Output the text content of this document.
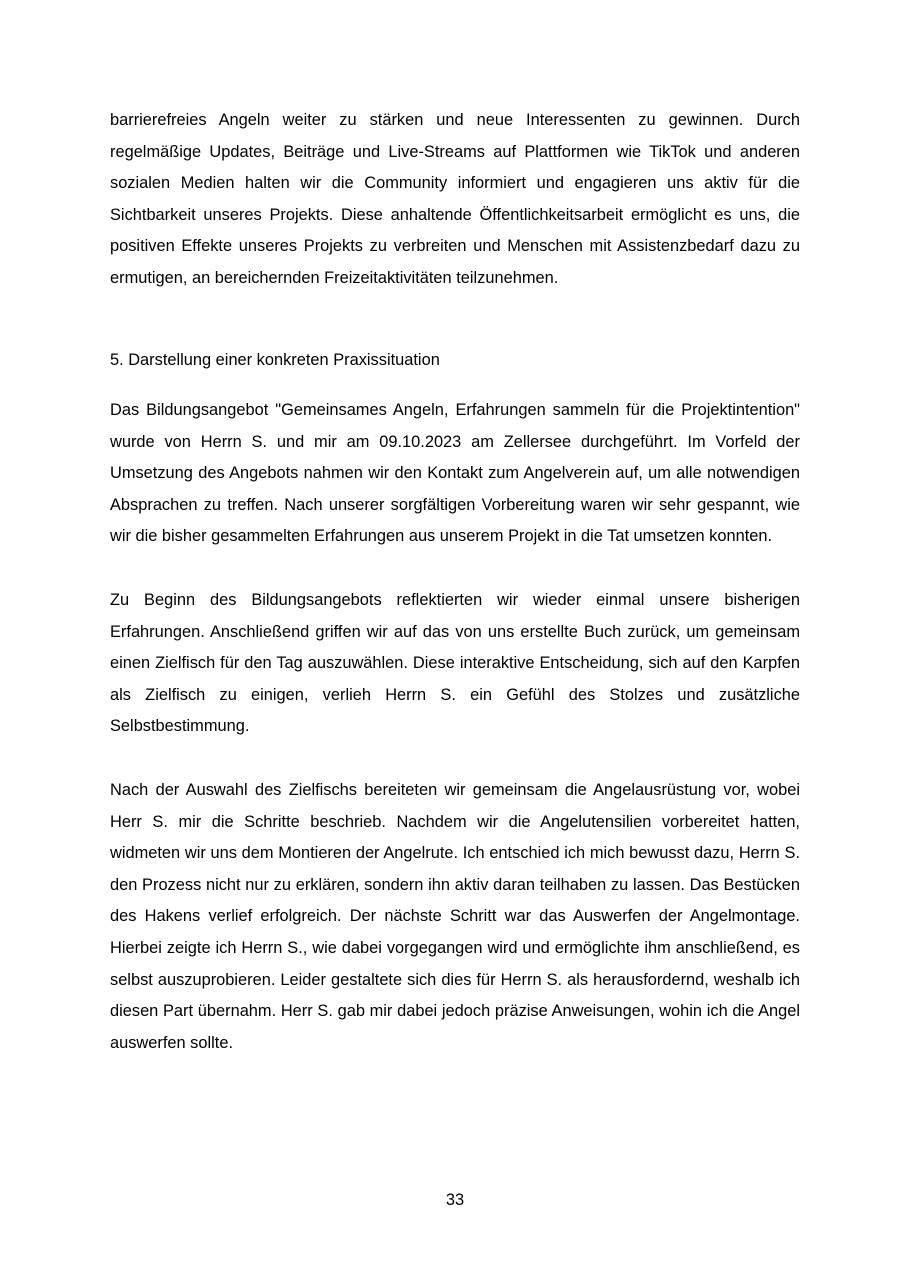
barrierefreies Angeln weiter zu stärken und neue Interessenten zu gewinnen. Durch regelmäßige Updates, Beiträge und Live-Streams auf Plattformen wie TikTok und anderen sozialen Medien halten wir die Community informiert und engagieren uns aktiv für die Sichtbarkeit unseres Projekts. Diese anhaltende Öffentlichkeitsarbeit ermöglicht es uns, die positiven Effekte unseres Projekts zu verbreiten und Menschen mit Assistenzbedarf dazu zu ermutigen, an bereichernden Freizeitaktivitäten teilzunehmen.

5. Darstellung einer konkreten Praxissituation

Das Bildungsangebot "Gemeinsames Angeln, Erfahrungen sammeln für die Projektintention" wurde von Herrn S. und mir am 09.10.2023 am Zellersee durchgeführt. Im Vorfeld der Umsetzung des Angebots nahmen wir den Kontakt zum Angelverein auf, um alle notwendigen Absprachen zu treffen. Nach unserer sorgfältigen Vorbereitung waren wir sehr gespannt, wie wir die bisher gesammelten Erfahrungen aus unserem Projekt in die Tat umsetzen konnten.

Zu Beginn des Bildungsangebots reflektierten wir wieder einmal unsere bisherigen Erfahrungen. Anschließend griffen wir auf das von uns erstellte Buch zurück, um gemeinsam einen Zielfisch für den Tag auszuwählen. Diese interaktive Entscheidung, sich auf den Karpfen als Zielfisch zu einigen, verlieh Herrn S. ein Gefühl des Stolzes und zusätzliche Selbstbestimmung.

Nach der Auswahl des Zielfischs bereiteten wir gemeinsam die Angelausrüstung vor, wobei Herr S. mir die Schritte beschrieb. Nachdem wir die Angelutensilien vorbereitet hatten, widmeten wir uns dem Montieren der Angelrute. Ich entschied ich mich bewusst dazu, Herrn S. den Prozess nicht nur zu erklären, sondern ihn aktiv daran teilhaben zu lassen. Das Bestücken des Hakens verlief erfolgreich. Der nächste Schritt war das Auswerfen der Angelmontage. Hierbei zeigte ich Herrn S., wie dabei vorgegangen wird und ermöglichte ihm anschließend, es selbst auszuprobieren. Leider gestaltete sich dies für Herrn S. als herausfordernd, weshalb ich diesen Part übernahm. Herr S. gab mir dabei jedoch präzise Anweisungen, wohin ich die Angel auswerfen sollte.

33
